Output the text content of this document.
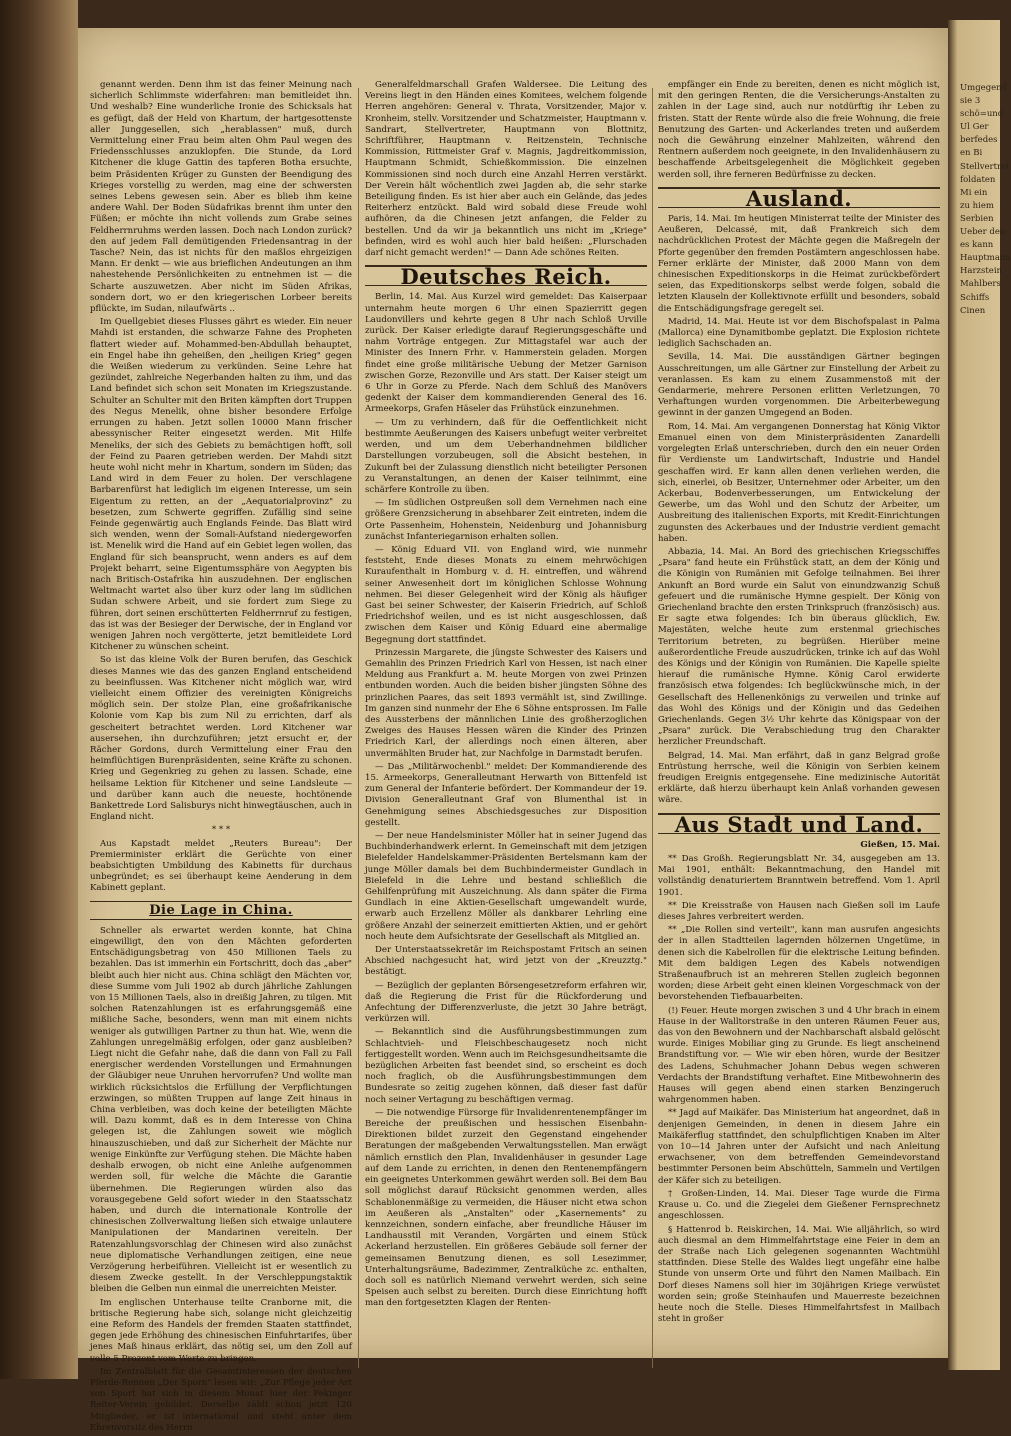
genannt werden. Denn ihm ist das feiner Meinung nach sicherlich Schlimmste widerfahren: man bemitleidet ihn. Und weshalb? Eine wunderliche Ironie des Schicksals hat es gefügt, daß der Held von Khartum, der hartgesottenste aller Junggesellen, sich „herablassen" muß, durch Vermittelung einer Frau beim alten Ohm Paul wegen des Friedensschlusses anzuklopfen. Die Stunde, da Lord Kitchener die kluge Gattin des tapferen Botha ersuchte, beim Präsidenten Krüger zu Gunsten der Beendigung des Krieges vorstellig zu werden, mag eine der schwersten seines Lebens gewesen sein. Aber es blieb ihm keine andere Wahl. Der Boden Südafrikas brennt ihm unter den Füßen; er möchte ihn nicht vollends zum Grabe seines Feldherrnruhms werden lassen. Doch nach London zurück? den auf jedem Fall demütigenden Friedensantrag in der Tasche? Nein, das ist nichts für den maßlos ehrgeizigen Mann. Er denkt — wie aus brieflichen Andeutungen an ihm nahestehende Persönlichkeiten zu entnehmen ist — die Scharte auszuwetzen. Aber nicht im Süden Afrikas, sondern dort, wo er den kriegerischen Lorbeer bereits pflückte, im Sudan, nilaufwärts ..

Im Quellgebiet dieses Flusses gährt es wieder. Ein neuer Mahdi ist erstanden, die schwarze Fahne des Propheten flattert wieder auf. Mohammed-ben-Abdullah behauptet, ein Engel habe ihn geheißen, den „heiligen Krieg" gegen die Weißen wiederum zu verkünden. Seine Lehre hat gezündet, zahlreiche Negerbanden halten zu ihm, und das Land befindet sich schon seit Monaten im Kriegszustande. Schulter an Schulter mit den Briten kämpften dort Truppen des Negus Menelik, ohne bisher besondere Erfolge errungen zu haben. Jetzt sollen 10000 Mann frischer abessynischer Reiter eingesetzt werden. Mit Hilfe Meneliks, der sich des Gebiets zu bemächtigen hofft, soll der Feind zu Paaren getrieben werden. Der Mahdi sitzt heute wohl nicht mehr in Khartum, sondern im Süden; das Land wird in dem Feuer zu holen. Der verschlagene Barbarenfürst hat lediglich im eigenen Interesse, um sein Eigentum zu retten, an der „Aequatorialprovinz" zu besetzen, zum Schwerte gegriffen. Zufällig sind seine Feinde gegenwärtig auch Englands Feinde. Das Blatt wird sich wenden, wenn der Somali-Aufstand niedergeworfen ist. Menelik wird die Hand auf ein Gebiet legen wollen, das England für sich beansprucht, wenn anders es auf dem Projekt beharrt, seine Eigentumssphäre von Aegypten bis nach Britisch-Ostafrika hin auszudehnen. Der englischen Weltmacht wartet also über kurz oder lang im südlichen Sudan schwere Arbeit, und sie fordert zum Siege zu führen, dort seinen erschütterten Feldherrnruf zu festigen, das ist was der Besieger der Derwische, der in England vor wenigen Jahren noch vergötterte, jetzt bemitleidete Lord Kitchener zu wünschen scheint.

So ist das kleine Volk der Buren berufen, das Geschick dieses Mannes wie das des ganzen England entscheidend zu beeinflussen. Was Kitchener nicht möglich war, wird vielleicht einem Offizier des vereinigten Königreichs möglich sein. Der stolze Plan, eine großafrikanische Kolonie vom Kap bis zum Nil zu errichten, darf als gescheitert betrachtet werden. Lord Kitchener war ausersehen, ihn durchzuführen; jetzt ersucht er, der Rächer Gordons, durch Vermittelung einer Frau den heimflüchtigen Burenpräsidenten, seine Kräfte zu schonen. Krieg und Gegenkrieg zu gehen zu lassen. Schade, eine heilsame Lektion für Kitchener und seine Landsleute — und darüber kann auch die neueste, hochtönende Bankettrede Lord Salisburys nicht hinwegtäuschen, auch in England nicht.

* * *

Aus Kapstadt meldet „Reuters Bureau": Der Premierminister erklärt die Gerüchte von einer beabsichtigten Umbildung des Kabinetts für durchaus unbegründet; es sei überhaupt keine Aenderung in dem Kabinett geplant.

Die Lage in China.

Schneller als erwartet werden konnte, hat China eingewilligt, den von den Mächten geforderten Entschädigungsbetrag von 450 Millionen Taels zu bezahlen. Das ist immerhin ein Fortschritt, doch das „aber" bleibt auch hier nicht aus. China schlägt den Mächten vor, diese Summe vom Juli 1902 ab durch jährliche Zahlungen von 15 Millionen Taels, also in dreißig Jahren, zu tilgen. Mit solchen Ratenzahlungen ist es erfahrungsgemäß eine mißliche Sache, besonders, wenn man mit einem nichts weniger als gutwilligen Partner zu thun hat. Wie, wenn die Zahlungen unregelmäßig erfolgen, oder ganz ausbleiben? Liegt nicht die Gefahr nahe, daß die dann von Fall zu Fall energischer werdenden Vorstellungen und Ermahnungen der Gläubiger neue Unruhen hervorrufen? Und wollte man wirklich rücksichtslos die Erfüllung der Verpflichtungen erzwingen, so müßten Truppen auf lange Zeit hinaus in China verbleiben, was doch keine der beteiligten Mächte will. Dazu kommt, daß es in dem Interesse von China gelegen ist, die Zahlungen soweit wie möglich hinauszuschieben, und daß zur Sicherheit der Mächte nur wenige Einkünfte zur Verfügung stehen. Die Mächte haben deshalb erwogen, ob nicht eine Anleihe aufgenommen werden soll, für welche die Mächte die Garantie übernehmen. Die Regierungen würden also das vorausgegebene Geld sofort wieder in den Staatsschatz haben, und durch die internationale Kontrolle der chinesischen Zollverwaltung ließen sich etwaige unlautere Manipulationen der Mandarinen vereiteln. Der Ratenzahlungsvorschlag der Chinesen wird also zunächst neue diplomatische Verhandlungen zeitigen, eine neue Verzögerung herbeiführen. Vielleicht ist er wesentlich zu diesem Zwecke gestellt. In der Verschleppungstaktik bleiben die Gelben nun einmal die unerreichten Meister.

Im englischen Unterhause teilte Cranborne mit, die britische Regierung habe sich, solange nicht gleichzeitig eine Reform des Handels der fremden Staaten stattfindet, gegen jede Erhöhung des chinesischen Einfuhrtarifes, über jenes Maß hinaus erklärt, das nötig sei, um den Zoll auf volle 5 Prozent vom Werte zu bringen.

Im Zentralblatt für die Gesamtinteressen der deutschen Pferde-Rennen „Der Sporn" lesen wir: „Zur Pflege jeder Art von Sport hat sich in diesem Monat hier der Pekinger Reiter-Verein gebildet. Derselbe zählt schon jetzt 120 Mitglieder; er ist international und steht unter dem Ehrenvorsitz des Herrn

Generalfeldmarschall Grafen Waldersee. Die Leitung des Vereins liegt in den Händen eines Komitees, welchem folgende Herren angehören: General v. Thrata, Vorsitzender, Major v. Kronheim, stellv. Vorsitzender und Schatzmeister, Hauptmann v. Sandrart, Stellvertreter, Hauptmann von Blottnitz, Schriftführer, Hauptmann v. Reitzenstein, Technische Kommission, Rittmeister Graf v. Magnis, Jagdreitkommission, Hauptmann Schmidt, Schießkommission. Die einzelnen Kommissionen sind noch durch eine Anzahl Herren verstärkt. Der Verein hält wöchentlich zwei Jagden ab, die sehr starke Beteiligung finden. Es ist hier aber auch ein Gelände, das jedes Reiterherz entzückt. Bald wird sobald diese Freude wohl aufhören, da die Chinesen jetzt anfangen, die Felder zu bestellen. Und da wir ja bekanntlich uns nicht im „Kriege" befinden, wird es wohl auch hier bald heißen: „Flurschaden darf nicht gemacht werden!" — Dann Ade schönes Reiten.

Deutsches Reich.

Berlin, 14. Mai. Aus Kurzel wird gemeldet: Das Kaiserpaar unternahm heute morgen 6 Uhr einen Spazierritt gegen Laudonvillers und kehrte gegen 8 Uhr nach Schloß Urville zurück. Der Kaiser erledigte darauf Regierungsgeschäfte und nahm Vorträge entgegen. Zur Mittagstafel war auch der Minister des Innern Frhr. v. Hammerstein geladen. Morgen findet eine große militärische Uebung der Metzer Garnison zwischen Gorze, Rezonville und Ars statt. Der Kaiser steigt um 6 Uhr in Gorze zu Pferde. Nach dem Schluß des Manövers gedenkt der Kaiser dem kommandierenden General des 16. Armeekorps, Grafen Häseler das Frühstück einzunehmen.

— Um zu verhindern, daß für die Oeffentlichkeit nicht bestimmte Aeußerungen des Kaisers unbefugt weiter verbreitet werden, und um dem Ueberhandnehmen bildlicher Darstellungen vorzubeugen, soll die Absicht bestehen, in Zukunft bei der Zulassung dienstlich nicht beteiligter Personen zu Veranstaltungen, an denen der Kaiser teilnimmt, eine schärfere Kontrolle zu üben.

— Im südlichen Ostpreußen soll dem Vernehmen nach eine größere Grenzsicherung in absehbarer Zeit eintreten, indem die Orte Passenheim, Hohenstein, Neidenburg und Johannisburg zunächst Infanteriegarnison erhalten sollen.

— König Eduard VII. von England wird, wie nunmehr feststeht, Ende dieses Monats zu einem mehrwöchigen Kuraufenthalt in Homburg v. d. H. eintreffen, und während seiner Anwesenheit dort im königlichen Schlosse Wohnung nehmen. Bei dieser Gelegenheit wird der König als häufiger Gast bei seiner Schwester, der Kaiserin Friedrich, auf Schloß Friedrichshof weilen, und es ist nicht ausgeschlossen, daß zwischen dem Kaiser und König Eduard eine abermalige Begegnung dort stattfindet.

Prinzessin Margarete, die jüngste Schwester des Kaisers und Gemahlin des Prinzen Friedrich Karl von Hessen, ist nach einer Meldung aus Frankfurt a. M. heute Morgen von zwei Prinzen entbunden worden. Auch die beiden bisher jüngsten Söhne des prinzlichen Paares, das seit 1893 vermählt ist, sind Zwillinge. Im ganzen sind nunmehr der Ehe 6 Söhne entsprossen. Im Falle des Aussterbens der männlichen Linie des großherzoglichen Zweiges des Hauses Hessen wären die Kinder des Prinzen Friedrich Karl, der allerdings noch einen älteren, aber unvermählten Bruder hat, zur Nachfolge in Darmstadt berufen.

— Das „Militärwochenbl." meldet: Der Kommandierende des 15. Armeekorps, Generalleutnant Herwarth von Bittenfeld ist zum General der Infanterie befördert. Der Kommandeur der 19. Division Generalleutnant Graf von Blumenthal ist in Genehmigung seines Abschiedsgesuches zur Disposition gestellt.

— Der neue Handelsminister Möller hat in seiner Jugend das Buchbinderhandwerk erlernt. In Gemeinschaft mit dem jetzigen Bielefelder Handelskammer-Präsidenten Bertelsmann kam der junge Möller damals bei dem Buchbindermeister Gundlach in Bielefeld in die Lehre und bestand schließlich die Gehilfenprüfung mit Auszeichnung. Als dann später die Firma Gundlach in eine Aktien-Gesellschaft umgewandelt wurde, erwarb auch Erzellenz Möller als dankbarer Lehrling eine größere Anzahl der seinerzeit emittierten Aktien, und er gehört noch heute dem Aufsichtsrate der Gesellschaft als Mitglied an.

Der Unterstaatssekretär im Reichspostamt Fritsch an seinen Abschied nachgesucht hat, wird jetzt von der „Kreuzztg." bestätigt.

— Bezüglich der geplanten Börsengesetzreform erfahren wir, daß die Regierung die Frist für die Rückforderung und Anfechtung der Differenzverluste, die jetzt 30 Jahre beträgt, verkürzen will.

— Bekanntlich sind die Ausführungsbestimmungen zum Schlachtvieh- und Fleischbeschaugesetz noch nicht fertiggestellt worden. Wenn auch im Reichsgesundheitsamte die bezüglichen Arbeiten fast beendet sind, so erscheint es doch noch fraglich, ob die Ausführungsbestimmungen dem Bundesrate so zeitig zugehen können, daß dieser fast dafür noch seiner Vertagung zu beschäftigen vermag.

— Die notwendige Fürsorge für Invalidenrentenempfänger im Bereiche der preußischen und hessischen Eisenbahn-Direktionen bildet zurzeit den Gegenstand eingehender Beratungen der maßgebenden Verwaltungsstellen. Man erwägt nämlich ernstlich den Plan, Invalidenhäuser in gesunder Lage auf dem Lande zu errichten, in denen den Rentenempfängern ein geeignetes Unterkommen gewährt werden soll. Bei dem Bau soll möglichst darauf Rücksicht genommen werden, alles Schablonenmäßige zu vermeiden, die Häuser nicht etwa schon im Aeußeren als „Anstalten" oder „Kasernements" zu kennzeichnen, sondern einfache, aber freundliche Häuser im Landhausstil mit Veranden, Vorgärten und einem Stück Ackerland herzustellen. Ein größeres Gebäude soll ferner der gemeinsamen Benutzung dienen, es soll Lesezimmer, Unterhaltungsräume, Badezimmer, Zentralküche zc. enthalten, doch soll es natürlich Niemand verwehrt werden, sich seine Speisen auch selbst zu bereiten. Durch diese Einrichtung hofft man den fortgesetzten Klagen der Renten-

empfänger ein Ende zu bereiten, denen es nicht möglich ist, mit den geringen Renten, die die Versicherungs-Anstalten zu zahlen in der Lage sind, auch nur notdürftig ihr Leben zu fristen. Statt der Rente würde also die freie Wohnung, die freie Benutzung des Garten- und Ackerlandes treten und außerdem noch die Gewährung einzelner Mahlzeiten, während den Rentnern außerdem noch geeignete, in den Invalidenhäusern zu beschaffende Arbeitsgelegenheit die Möglichkeit gegeben werden soll, ihre ferneren Bedürfnisse zu decken.

Ausland.

Paris, 14. Mai. Im heutigen Ministerrat teilte der Minister des Aeußeren, Delcassé, mit, daß Frankreich sich dem nachdrücklichen Protest der Mächte gegen die Maßregeln der Pforte gegenüber den fremden Postämtern angeschlossen habe. Ferner erklärte der Minister, daß 2000 Mann von dem chinesischen Expeditionskorps in die Heimat zurückbefördert seien, das Expeditionskorps selbst werde folgen, sobald die letzten Klauseln der Kollektivnote erfüllt und besonders, sobald die Entschädigungsfrage geregelt sei.

Madrid, 14. Mai. Heute ist vor dem Bischofspalast in Palma (Mallorca) eine Dynamitbombe geplatzt. Die Explosion richtete lediglich Sachschaden an.

Sevilla, 14. Mai. Die ausständigen Gärtner begingen Ausschreitungen, um alle Gärtner zur Einstellung der Arbeit zu veranlassen. Es kam zu einem Zusammenstoß mit der Gendarmerie, mehrere Personen erlitten Verletzungen, 70 Verhaftungen wurden vorgenommen. Die Arbeiterbewegung gewinnt in der ganzen Umgegend an Boden.

Rom, 14. Mai. Am vergangenen Donnerstag hat König Viktor Emanuel einen von dem Ministerpräsidenten Zanardelli vorgelegten Erlaß unterschrieben, durch den ein neuer Orden für Verdienste um Landwirtschaft, Industrie und Handel geschaffen wird. Er kann allen denen verliehen werden, die sich, einerlei, ob Besitzer, Unternehmer oder Arbeiter, um den Ackerbau, Bodenverbesserungen, um Entwickelung der Gewerbe, um das Wohl und den Schutz der Arbeiter, um Ausbreitung des italienischen Exports, mit Kredit-Einrichtungen zugunsten des Ackerbaues und der Industrie verdient gemacht haben.

Abbazia, 14. Mai. An Bord des griechischen Kriegsschiffes „Psara" fand heute ein Frühstück statt, an dem der König und die Königin von Rumänien mit Gefolge teilnahmen. Bei ihrer Ankunft an Bord wurde ein Salut von einundzwanzig Schuß gefeuert und die rumänische Hymne gespielt. Der König von Griechenland brachte den ersten Trinkspruch (französisch) aus. Er sagte etwa folgendes: Ich bin überaus glücklich, Ew. Majestäten, welche heute zum erstenmal griechisches Territorium betreten, zu begrüßen. Hierüber meine außerordentliche Freude auszudrücken, trinke ich auf das Wohl des Königs und der Königin von Rumänien. Die Kapelle spielte hierauf die rumänische Hymne. König Carol erwiderte französisch etwa folgendes: Ich beglückwünsche mich, in der Gesellschaft des Hellenenkönigs zu verweilen und trinke auf das Wohl des Königs und der Königin und das Gedeihen Griechenlands. Gegen 3½ Uhr kehrte das Königspaar von der „Psara" zurück. Die Verabschiedung trug den Charakter herzlicher Freundschaft.

Belgrad, 14. Mai. Man erfährt, daß in ganz Belgrad große Entrüstung herrsche, weil die Königin von Serbien keinem freudigen Ereignis entgegensehe. Eine medizinische Autorität erklärte, daß hierzu überhaupt kein Anlaß vorhanden gewesen wäre.

Aus Stadt und Land.
Gießen, 15. Mai.

** Das Großh. Regierungsblatt Nr. 34, ausgegeben am 13. Mai 1901, enthält: Bekanntmachung, den Handel mit vollständig denaturiertem Branntwein betreffend. Vom 1. April 1901.

** Die Kreisstraße von Hausen nach Gießen soll im Laufe dieses Jahres verbreitert werden.

** „Die Rollen sind verteilt", kann man ausrufen angesichts der in allen Stadtteilen lagernden hölzernen Ungetüme, in denen sich die Kabelrollen für die elektrische Leitung befinden. Mit dem baldigen Legen des Kabels notwendigen Straßenaufbruch ist an mehreren Stellen zugleich begonnen worden; diese Arbeit geht einen kleinen Vorgeschmack von der bevorstehenden Tiefbauarbeiten.

(!) Feuer. Heute morgen zwischen 3 und 4 Uhr brach in einem Hause in der Walltorstraße in den unteren Räumen Feuer aus, das von den Bewohnern und der Nachbarschaft alsbald gelöscht wurde. Einiges Mobiliar ging zu Grunde. Es liegt anscheinend Brandstiftung vor. — Wie wir eben hören, wurde der Besitzer des Ladens, Schuhmacher Johann Debus wegen schweren Verdachts der Brandstiftung verhaftet. Eine Mitbewohnerin des Hauses will gegen abend einen starken Benzingeruch wahrgenommen haben.

** Jagd auf Maikäfer. Das Ministerium hat angeordnet, daß in denjenigen Gemeinden, in denen in diesem Jahre ein Maikäferflug stattfindet, den schulpflichtigen Knaben im Alter von 10—14 Jahren unter der Aufsicht und nach Anleitung erwachsener, von dem betreffenden Gemeindevorstand bestimmter Personen beim Abschütteln, Sammeln und Vertilgen der Käfer sich zu beteiligen.

† Großen-Linden, 14. Mai. Dieser Tage wurde die Firma Krause u. Co. und die Ziegelei dem Gießener Fernsprechnetz angeschlossen.

§ Hattenrod b. Reiskirchen, 14. Mai. Wie alljährlich, so wird auch diesmal an dem Himmelfahrtstage eine Feier in dem an der Straße nach Lich gelegenen sogenannten Wachtmühl stattfinden. Diese Stelle des Waldes liegt ungefähr eine halbe Stunde von unserm Orte und führt den Namen Mailbach. Ein Dorf dieses Namens soll hier im 30jährigen Kriege verwüstet worden sein; große Steinhaufen und Mauerreste bezeichnen heute noch die Stelle. Dieses Himmelfahrtsfest in Mailbach steht in großer

Umgegend
sie 3
schö=und
Ul Ger
berfedes
en Bi
Stellvertret
foldaten
Mi ein
zu hiem
Serbien
Ueber den
es kann
Hauptmann
Harzstein
Mahlbers
Schiffs
Cinen
